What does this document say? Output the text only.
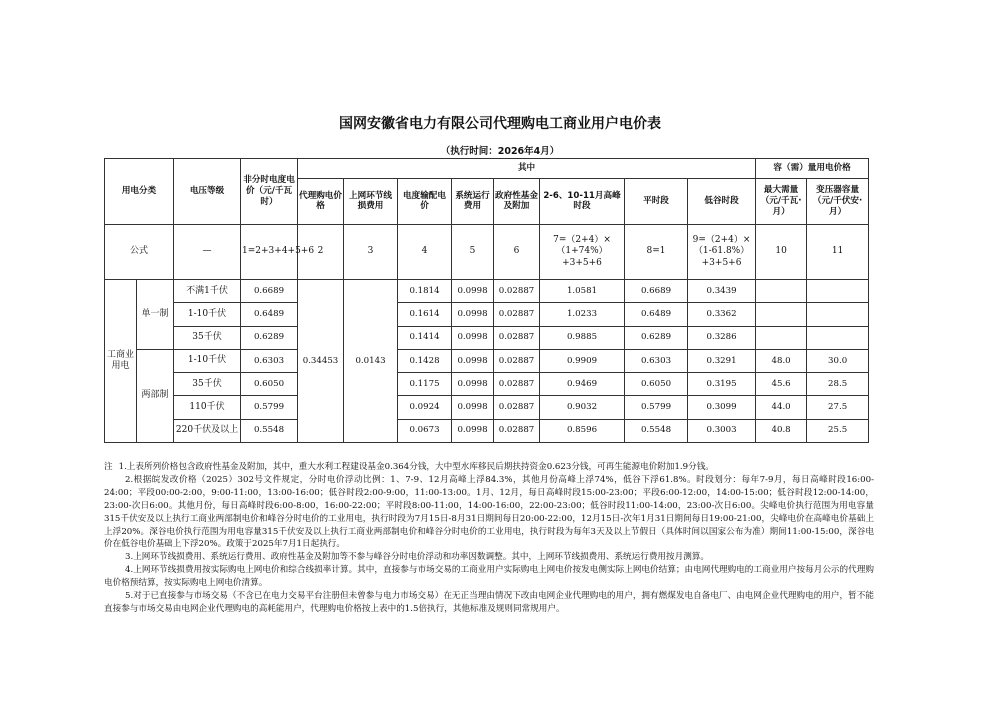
国网安徽省电力有限公司代理购电工商业用户电价表
（执行时间：2026年4月）
用电分类		电压等级	非分时电度电价（元/千瓦时）	其中								容（需）量用电价格	
				代理购电价格	上网环节线损费用	电度输配电价	系统运行费用	政府性基金及附加	2-6、10-11月高峰时段	平时段	低谷时段	最大需量（元/千瓦·月）	变压器容量（元/千伏安·月）
公式		—	1=2+3+4+5+6	2	3	4	5	6	7=（2+4）×（1+74%）+3+5+6	8=1	9=（2+4）×（1-61.8%）+3+5+6	10	11
工商业用电	单一制	不满1千伏	0.6689	0.34453	0.0143	0.1814	0.0998	0.02887	1.0581	0.6689	0.3439		
		1-10千伏	0.6489			0.1614	0.0998	0.02887	1.0233	0.6489	0.3362		
		35千伏	0.6289			0.1414	0.0998	0.02887	0.9885	0.6289	0.3286		
	两部制	1-10千伏	0.6303			0.1428	0.0998	0.02887	0.9909	0.6303	0.3291	48.0	30.0
		35千伏	0.6050			0.1175	0.0998	0.02887	0.9469	0.6050	0.3195	45.6	28.5
		110千伏	0.5799			0.0924	0.0998	0.02887	0.9032	0.5799	0.3099	44.0	27.5
		220千伏及以上	0.5548			0.0673	0.0998	0.02887	0.8596	0.5548	0.3003	40.8	25.5

注 1.上表所列价格包含政府性基金及附加，其中，重大水利工程建设基金0.364分钱，大中型水库移民后期扶持资金0.623分钱，可再生能源电价附加1.9分钱。

2.根据皖发改价格（2025）302号文件规定，分时电价浮动比例：1、7-9、12月高峰上浮84.3%，其他月份高峰上浮74%，低谷下浮61.8%。时段划分：每年7-9月，每日高峰时段16:00-24:00；平段00:00-2:00，9:00-11:00，13:00-16:00；低谷时段2:00-9:00，11:00-13:00。1月、12月，每日高峰时段15:00-23:00；平段6:00-12:00，14:00-15:00；低谷时段12:00-14:00，23:00-次日6:00。其他月份，每日高峰时段6:00-8:00，16:00-22:00；平时段8:00-11:00，14:00-16:00，22:00-23:00；低谷时段11:00-14:00，23:00-次日6:00。尖峰电价执行范围为用电容量315千伏安及以上执行工商业两部制电价和峰谷分时电价的工业用电，执行时段为7月15日-8月31日期间每日20:00-22:00，12月15日-次年1月31日期间每日19:00-21:00，尖峰电价在高峰电价基础上上浮20%。深谷电价执行范围为用电容量315千伏安及以上执行工商业两部制电价和峰谷分时电价的工业用电，执行时段为每年3天及以上节假日（具体时间以国家公布为准）期间11:00-15:00，深谷电价在低谷电价基础上下浮20%。政策于2025年7月1日起执行。

3.上网环节线损费用、系统运行费用、政府性基金及附加等不参与峰谷分时电价浮动和功率因数调整。其中，上网环节线损费用、系统运行费用按月测算。

4.上网环节线损费用按实际购电上网电价和综合线损率计算。其中，直接参与市场交易的工商业用户实际购电上网电价按发电侧实际上网电价结算；由电网代理购电的工商业用户按每月公示的代理购电价格预结算，按实际购电上网电价清算。

5.对于已直接参与市场交易（不含已在电力交易平台注册但未曾参与电力市场交易）在无正当理由情况下改由电网企业代理购电的用户，拥有燃煤发电自备电厂、由电网企业代理购电的用户，暂不能直接参与市场交易由电网企业代理购电的高耗能用户，代理购电价格按上表中的1.5倍执行，其他标准及规则同常规用户。
